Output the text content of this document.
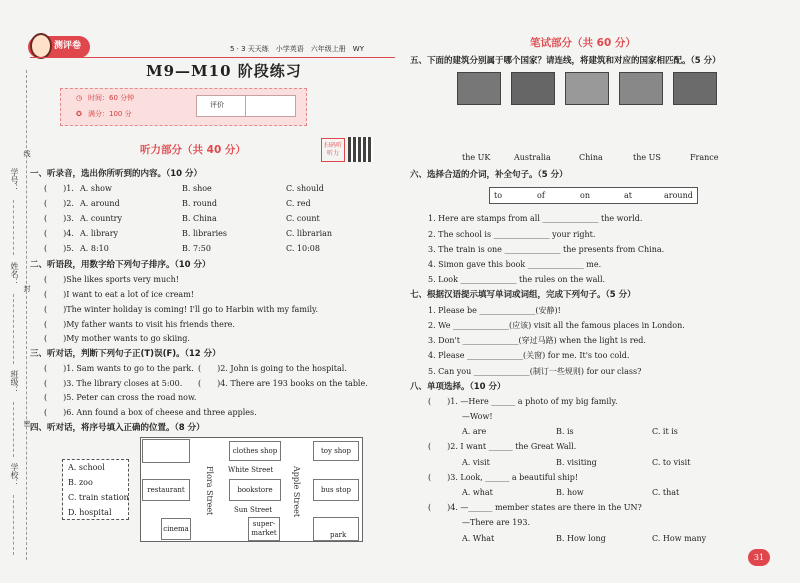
学号：
姓名：
班级：
学校：
线
封
密
测评卷	5 · 3 天天练　小学英语　六年级上册　WY
M9—M10 阶段练习
◷ 时间：60 分钟
✪ 满分：100 分
评价
听力部分（共 40 分）	扫码听听力
一、听录音，选出你所听到的内容。（10 分）
(　　)1. A. show	B. shoe	C. should
(　　)2. A. around	B. round	C. red
(　　)3. A. country	B. China	C. count
(　　)4. A. library	B. libraries	C. librarian
(　　)5. A. 8:10	B. 7:50	C. 10:08
二、听语段，用数字给下列句子排序。（10 分）
(　　)She likes sports very much!
(　　)I want to eat a lot of ice cream!
(　　)The winter holiday is coming! I'll go to Harbin with my family.
(　　)My father wants to visit his friends there.
(　　)My mother wants to go skiing.
三、听对话，判断下列句子正(T)误(F)。（12 分）
(　　)1. Sam wants to go to the park. (　　)2. John is going to the hospital.
(　　)3. The library closes at 5:00. (　　)4. There are 193 books on the table.
(　　)5. Peter can cross the road now.
(　　)6. Ann found a box of cheese and three apples.
四、听对话，将序号填入正确的位置。（8 分）
A. school
B. zoo
C. train station
D. hospital
clothes shop	toy shop
White Street
restaurant	bookstore	bus stop
Sun Street
cinema
super-
market	park
Flora Street	Apple Street
笔试部分（共 60 分）
五、下面的建筑分别属于哪个国家？请连线，将建筑和对应的国家相匹配。（5 分）
the UK	Australia	China	the US	France
六、选择合适的介词，补全句子。（5 分）
to	of	on	at	around
1. Here are stamps from all ______________ the world.
2. The school is ______________ your right.
3. The train is one ______________ the presents from China.
4. Simon gave this book ______________ me.
5. Look ______________ the rules on the wall.
七、根据汉语提示填写单词或词组，完成下列句子。（5 分）
1. Please be ______________(安静)!
2. We ______________(应该) visit all the famous places in London.
3. Don't ______________(穿过马路) when the light is red.
4. Please ______________(关窗) for me. It's too cold.
5. Can you ______________(制订一些规则) for our class?
八、单项选择。（10 分）
(　　)1. —Here ______ a photo of my big family.
—Wow!
A. are	B. is	C. it is
(　　)2. I want ______ the Great Wall.
A. visit	B. visiting	C. to visit
(　　)3. Look, ______ a beautiful ship!
A. what	B. how	C. that
(　　)4. —______ member states are there in the UN?
—There are 193.
A. What	B. How long	C. How many
31
